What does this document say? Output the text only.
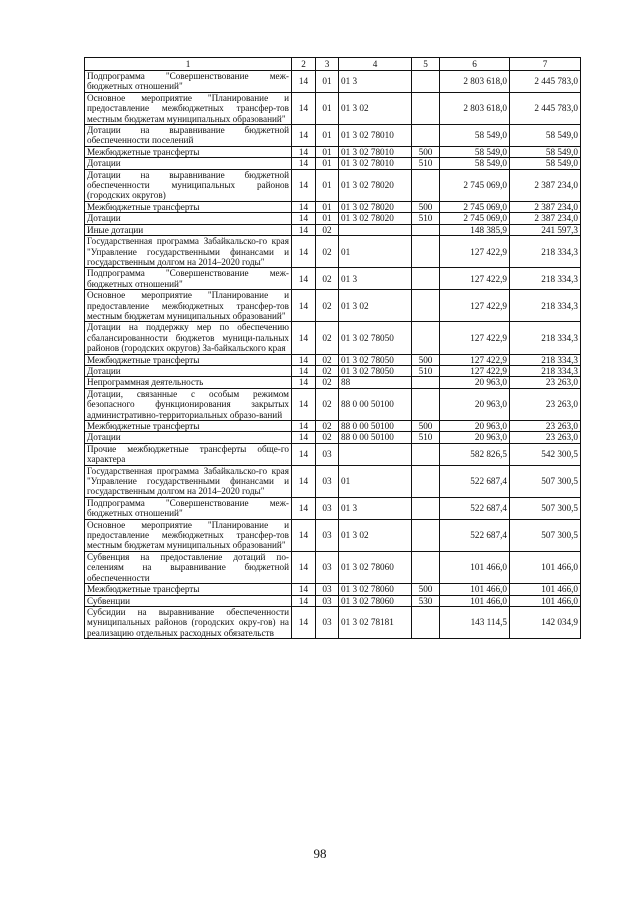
1	2	3	4	5	6	7
Подпрограмма "Совершенствование меж-бюджетных отношений"	14	01	01 3		2 803 618,0	2 445 783,0
Основное мероприятие "Планирование и предоставление межбюджетных трансфер-тов местным бюджетам муниципальных образований"	14	01	01 3 02		2 803 618,0	2 445 783,0
Дотации на выравнивание бюджетной обеспеченности поселений	14	01	01 3 02 78010		58 549,0	58 549,0
Межбюджетные трансферты	14	01	01 3 02 78010	500	58 549,0	58 549,0
Дотации	14	01	01 3 02 78010	510	58 549,0	58 549,0
Дотации на выравнивание бюджетной обеспеченности муниципальных районов (городских округов)	14	01	01 3 02 78020		2 745 069,0	2 387 234,0
Межбюджетные трансферты	14	01	01 3 02 78020	500	2 745 069,0	2 387 234,0
Дотации	14	01	01 3 02 78020	510	2 745 069,0	2 387 234,0
Иные дотации	14	02			148 385,9	241 597,3
Государственная программа Забайкальско-го края "Управление государственными финансами и государственным долгом на 2014–2020 годы"	14	02	01		127 422,9	218 334,3
Подпрограмма "Совершенствование меж-бюджетных отношений"	14	02	01 3		127 422,9	218 334,3
Основное мероприятие "Планирование и предоставление межбюджетных трансфер-тов местным бюджетам муниципальных образований"	14	02	01 3 02		127 422,9	218 334,3
Дотации на поддержку мер по обеспечению сбалансированности бюджетов муници-пальных районов (городских округов) За-байкальского края	14	02	01 3 02 78050		127 422,9	218 334,3
Межбюджетные трансферты	14	02	01 3 02 78050	500	127 422,9	218 334,3
Дотации	14	02	01 3 02 78050	510	127 422,9	218 334,3
Непрограммная деятельность	14	02	88		20 963,0	23 263,0
Дотации, связанные с особым режимом безопасного функционирования закрытых административно-территориальных образо-ваний	14	02	88 0 00 50100		20 963,0	23 263,0
Межбюджетные трансферты	14	02	88 0 00 50100	500	20 963,0	23 263,0
Дотации	14	02	88 0 00 50100	510	20 963,0	23 263,0
Прочие межбюджетные трансферты обще-го характера	14	03			582 826,5	542 300,5
Государственная программа Забайкальско-го края "Управление государственными финансами и государственным долгом на 2014–2020 годы"	14	03	01		522 687,4	507 300,5
Подпрограмма "Совершенствование меж-бюджетных отношений"	14	03	01 3		522 687,4	507 300,5
Основное мероприятие "Планирование и предоставление межбюджетных трансфер-тов местным бюджетам муниципальных образований"	14	03	01 3 02		522 687,4	507 300,5
Субвенция на предоставление дотаций по-селениям на выравнивание бюджетной обеспеченности	14	03	01 3 02 78060		101 466,0	101 466,0
Межбюджетные трансферты	14	03	01 3 02 78060	500	101 466,0	101 466,0
Субвенции	14	03	01 3 02 78060	530	101 466,0	101 466,0
Субсидии на выравнивание обеспеченности муниципальных районов (городских окру-гов) на реализацию отдельных расходных обязательств	14	03	01 3 02 78181		143 114,5	142 034,9
98
